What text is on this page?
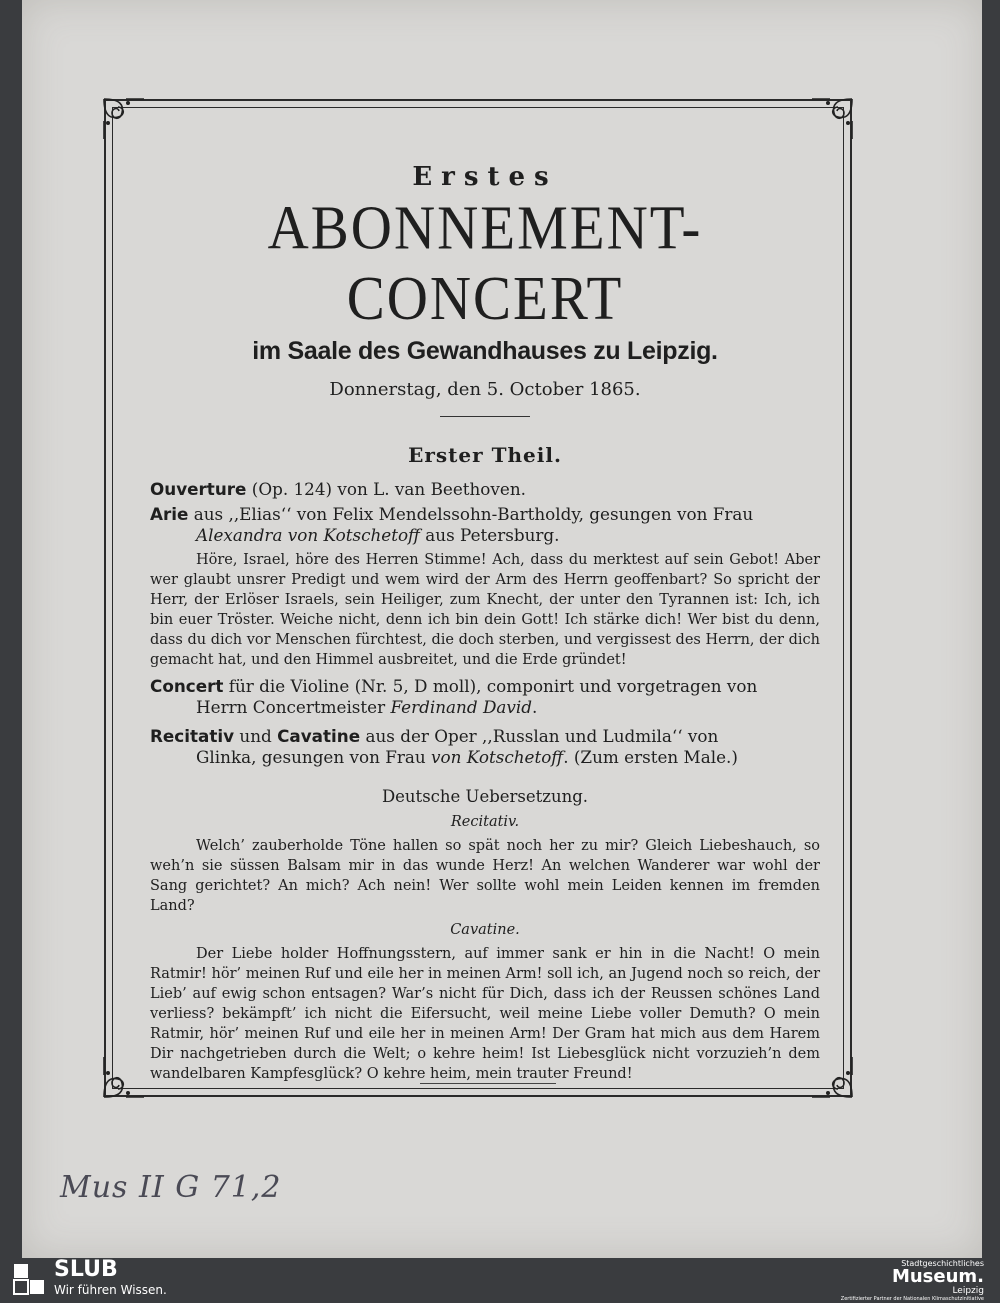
Erstes
ABONNEMENT-CONCERT
im Saale des Gewandhauses zu Leipzig.
Donnerstag, den 5. October 1865.
Erster Theil.
Ouverture (Op. 124) von L. van Beethoven.
Arie aus ,,Elias‘‘ von Felix Mendelssohn-Bartholdy, gesungen von Frau
Alexandra von Kotschetoff aus Petersburg.
Höre, Israel, höre des Herren Stimme! Ach, dass du merktest auf sein Gebot! Aber wer glaubt unsrer Predigt und wem wird der Arm des Herrn geoffenbart? So spricht der Herr, der Erlöser Israels, sein Heiliger, zum Knecht, der unter den Tyrannen ist: Ich, ich bin euer Tröster. Weiche nicht, denn ich bin dein Gott! Ich stärke dich! Wer bist du denn, dass du dich vor Menschen fürchtest, die doch sterben, und vergissest des Herrn, der dich gemacht hat, und den Himmel ausbreitet, und die Erde gründet!
Concert für die Violine (Nr. 5, D moll), componirt und vorgetragen von
Herrn Concertmeister Ferdinand David.
Recitativ und Cavatine aus der Oper ,,Russlan und Ludmila‘‘ von
Glinka, gesungen von Frau von Kotschetoff. (Zum ersten Male.)
Deutsche Uebersetzung.
Recitativ.
Welch’ zauberholde Töne hallen so spät noch her zu mir? Gleich Liebeshauch, so weh’n sie süssen Balsam mir in das wunde Herz! An welchen Wanderer war wohl der Sang gerichtet? An mich? Ach nein! Wer sollte wohl mein Leiden kennen im fremden Land?
Cavatine.
Der Liebe holder Hoffnungsstern, auf immer sank er hin in die Nacht! O mein Ratmir! hör’ meinen Ruf und eile her in meinen Arm! soll ich, an Jugend noch so reich, der Lieb’ auf ewig schon entsagen? War’s nicht für Dich, dass ich der Reussen schönes Land verliess? bekämpft’ ich nicht die Eifersucht, weil meine Liebe voller Demuth? O mein Ratmir, hör’ meinen Ruf und eile her in meinen Arm! Der Gram hat mich aus dem Harem Dir nachgetrieben durch die Welt; o kehre heim! Ist Liebesglück nicht vorzuzieh’n dem wandelbaren Kampfesglück? O kehre heim, mein trauter Freund!
Mus II G 71,2
SLUB
Wir führen Wissen.
Stadtgeschichtliches
Museum.
Leipzig
Zertifizierter Partner der Nationalen Klimaschutzinitiative
